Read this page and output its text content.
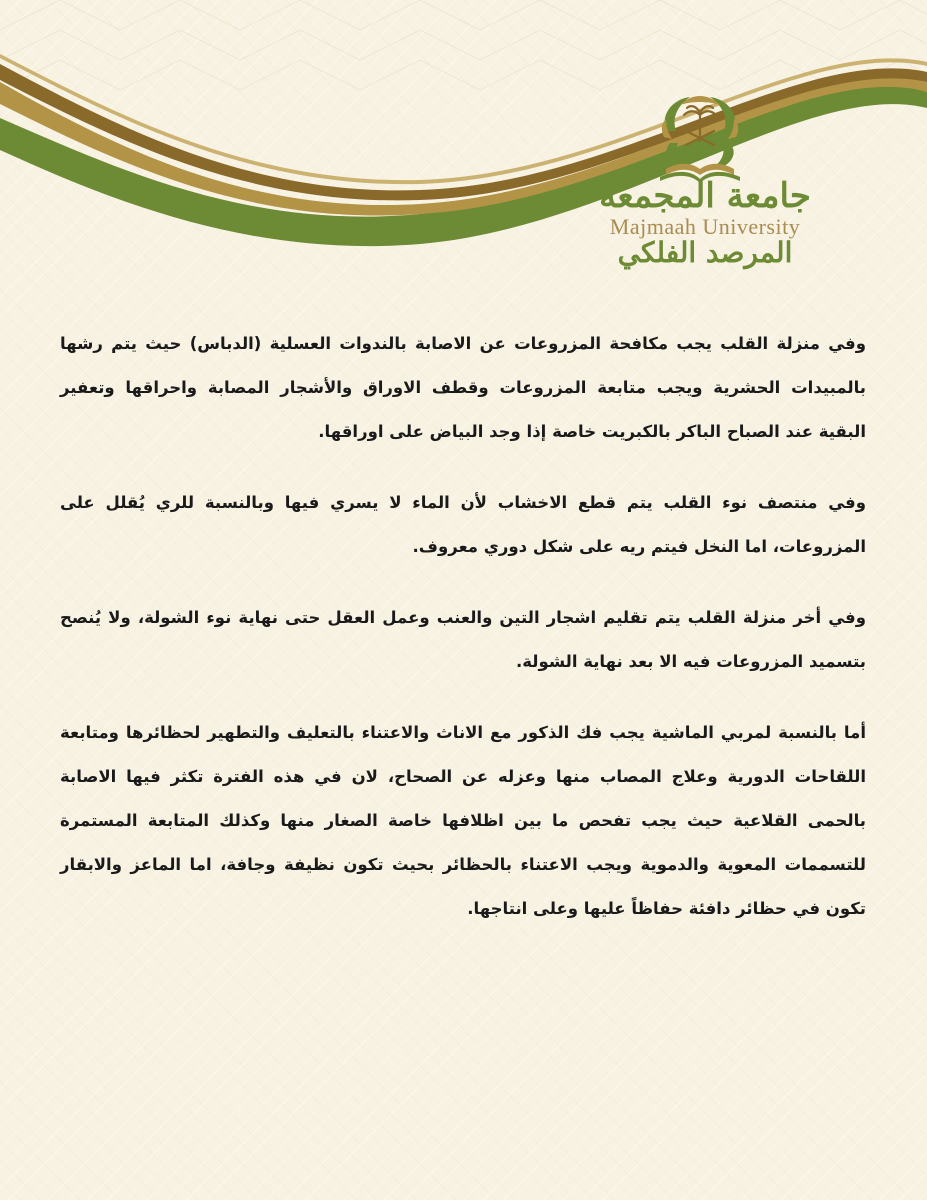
جامعة المجمعة
Majmaah University
المرصد الفلكي

وفي منزلة القلب يجب مكافحة المزروعات عن الاصابة بالندوات العسلية (الدباس) حيث يتم رشها بالمبيدات الحشرية ويجب متابعة المزروعات وقطف الاوراق والأشجار المصابة واحراقها وتعفير البقية عند الصباح الباكر بالكبريت خاصة إذا وجد البياض على اوراقها.

وفي منتصف نوء القلب يتم قطع الاخشاب لأن الماء لا يسري فيها وبالنسبة للري يُقلل على المزروعات، اما النخل فيتم ريه على شكل دوري معروف.

وفي أخر منزلة القلب يتم تقليم اشجار التين والعنب وعمل العقل حتى نهاية نوء الشولة، ولا يُنصح بتسميد المزروعات فيه الا بعد نهاية الشولة.

أما بالنسبة لمربي الماشية يجب فك الذكور مع الاناث والاعتناء بالتعليف والتطهير لحظائرها ومتابعة اللقاحات الدورية وعلاج المصاب منها وعزله عن الصحاح، لان في هذه الفترة تكثر فيها الاصابة بالحمى القلاعية حيث يجب تفحص ما بين اظلافها خاصة الصغار منها وكذلك المتابعة المستمرة للتسممات المعوية والدموية ويجب الاعتناء بالحظائر بحيث تكون نظيفة وجافة، اما الماعز والابقار تكون في حظائر دافئة حفاظاً عليها وعلى انتاجها.
